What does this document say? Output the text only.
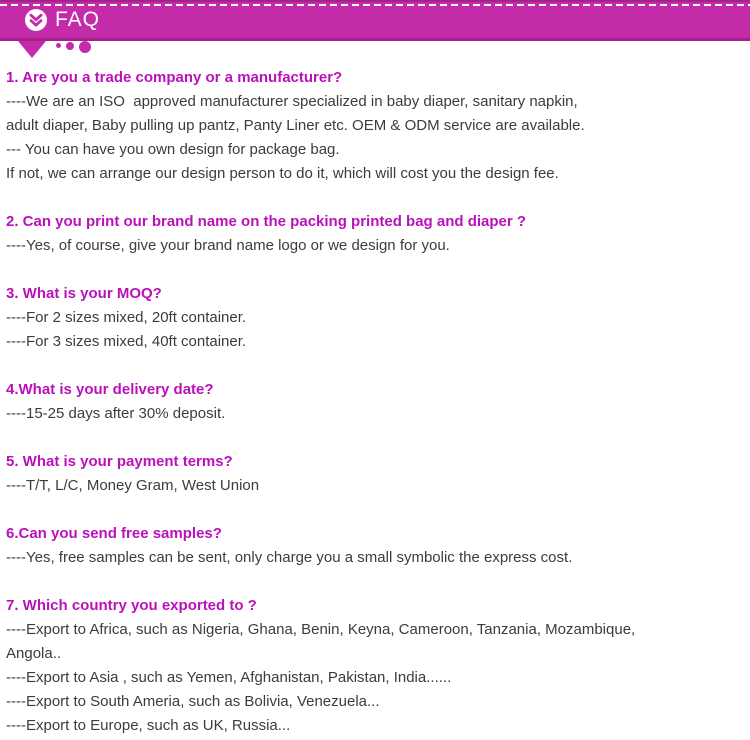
FAQ
1. Are you a trade company or a manufacturer?
----We are an ISO  approved manufacturer specialized in baby diaper, sanitary napkin,
adult diaper, Baby pulling up pantz, Panty Liner etc. OEM & ODM service are available.
--- You can have you own design for package bag.
If not, we can arrange our design person to do it, which will cost you the design fee.
2. Can you print our brand name on the packing printed bag and diaper ?
----Yes, of course, give your brand name logo or we design for you.
3. What is your MOQ?
----For 2 sizes mixed, 20ft container.
----For 3 sizes mixed, 40ft container.
4.What is your delivery date?
----15-25 days after 30% deposit.
5. What is your payment terms?
----T/T, L/C, Money Gram, West Union
6.Can you send free samples?
----Yes, free samples can be sent, only charge you a small symbolic the express cost.
7. Which country you exported to ?
----Export to Africa, such as Nigeria, Ghana, Benin, Keyna, Cameroon, Tanzania, Mozambique,
Angola..
----Export to Asia , such as Yemen, Afghanistan, Pakistan, India......
----Export to South Ameria, such as Bolivia, Venezuela...
----Export to Europe, such as UK, Russia...
